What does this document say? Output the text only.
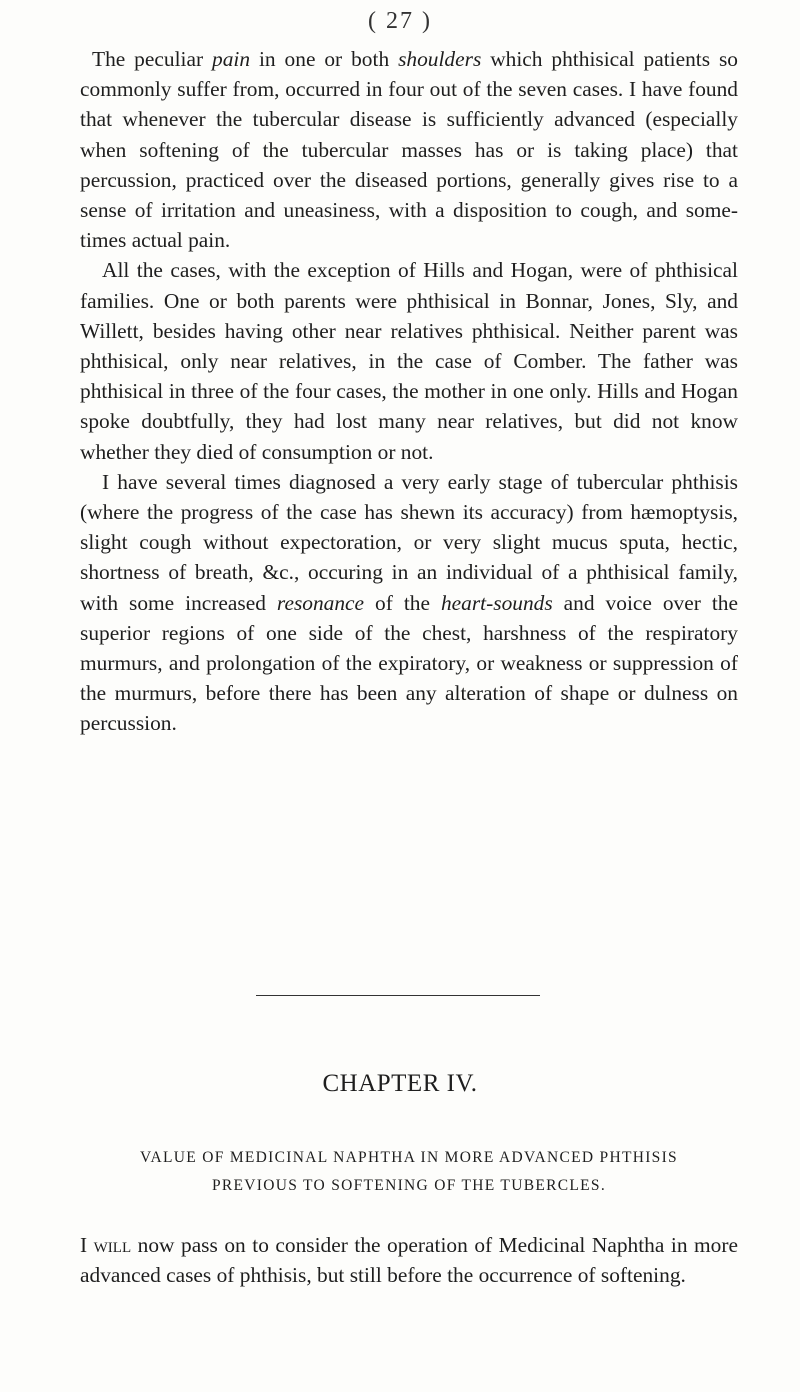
( 27 )

The peculiar pain in one or both shoulders which phthisical patients so commonly suffer from, occurred in four out of the seven cases. I have found that whenever the tubercular disease is sufficiently advanced (especially when softening of the tubercular masses has or is taking place) that percussion, practiced over the diseased portions, generally gives rise to a sense of irritation and uneasiness, with a disposition to cough, and sometimes actual pain.

All the cases, with the exception of Hills and Hogan, were of phthisical families. One or both parents were phthisical in Bonnar, Jones, Sly, and Willett, besides having other near relatives phthisical. Neither parent was phthisical, only near relatives, in the case of Comber. The father was phthisical in three of the four cases, the mother in one only. Hills and Hogan spoke doubtfully, they had lost many near relatives, but did not know whether they died of consumption or not.

I have several times diagnosed a very early stage of tubercular phthisis (where the progress of the case has shewn its accuracy) from hæmoptysis, slight cough without expectoration, or very slight mucus sputa, hectic, shortness of breath, &c., occuring in an individual of a phthisical family, with some increased resonance of the heart-sounds and voice over the superior regions of one side of the chest, harshness of the respiratory murmurs, and prolongation of the expiratory, or weakness or suppression of the murmurs, before there has been any alteration of shape or dulness on percussion.

CHAPTER IV.
VALUE OF MEDICINAL NAPHTHA IN MORE ADVANCED PHTHISIS
PREVIOUS TO SOFTENING OF THE TUBERCLES.

I will now pass on to consider the operation of Medicinal Naphtha in more advanced cases of phthisis, but still before the occurrence of softening.
